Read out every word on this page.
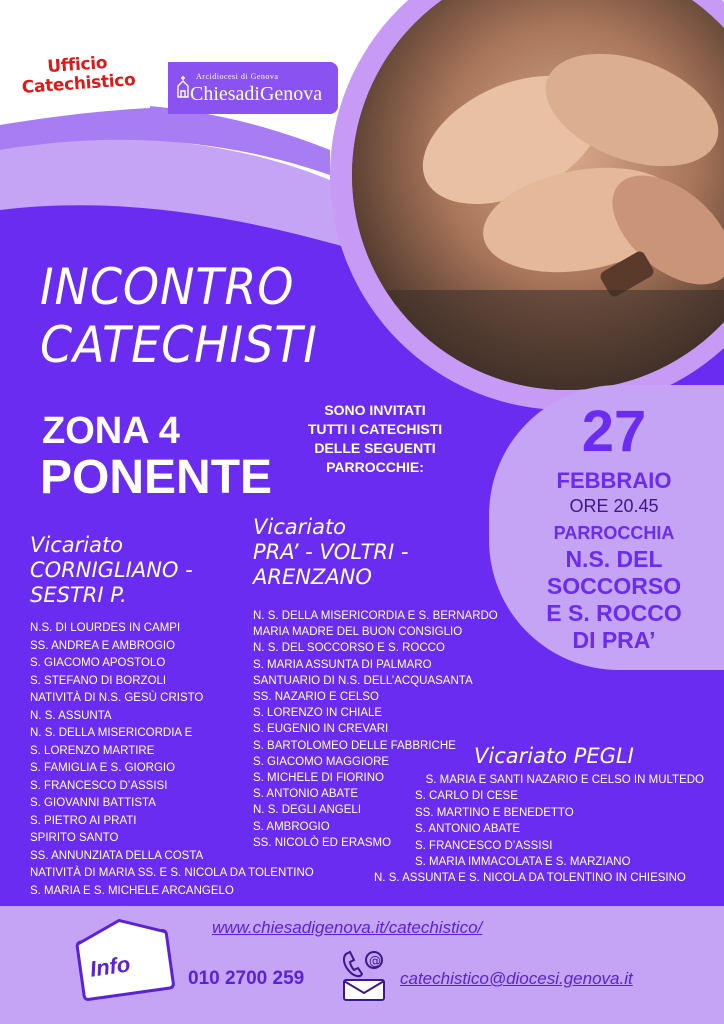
Ufficio
Catechistico	Arcidiocesi di Genova
ChiesadiGenova
INCONTRO
CATECHISTI
ZONA 4
PONENTE
SONO INVITATI
TUTTI I CATECHISTI
DELLE SEGUENTI
PARROCCHIE:
27
FEBBRAIO
ORE 20.45
PARROCCHIA
N.S. DEL
SOCCORSO
E S. ROCCO
DI PRA’
Vicariato
CORNIGLIANO -
SESTRI P.
N.S. DI LOURDES IN CAMPI
SS. ANDREA E AMBROGIO
S. GIACOMO APOSTOLO
S. STEFANO DI BORZOLI
NATIVITÀ DI N.S. GESÙ CRISTO
N. S. ASSUNTA
N. S. DELLA MISERICORDIA E
S. LORENZO MARTIRE
S. FAMIGLIA E S. GIORGIO
S. FRANCESCO D’ASSISI
S. GIOVANNI BATTISTA
S. PIETRO AI PRATI
SPIRITO SANTO
SS. ANNUNZIATA DELLA COSTA
NATIVITÀ DI MARIA SS. E S. NICOLA DA TOLENTINO
S. MARIA E S. MICHELE ARCANGELO
Vicariato
PRA’ - VOLTRI -
ARENZANO
N. S. DELLA MISERICORDIA E S. BERNARDO
MARIA MADRE DEL BUON CONSIGLIO
N. S. DEL SOCCORSO E S. ROCCO
S. MARIA ASSUNTA DI PALMARO
SANTUARIO DI N.S. DELL’ACQUASANTA
SS. NAZARIO E CELSO
S. LORENZO IN CHIALE
S. EUGENIO IN CREVARI
S. BARTOLOMEO DELLE FABBRICHE
S. GIACOMO MAGGIORE
S. MICHELE DI FIORINO
S. ANTONIO ABATE
N. S. DEGLI ANGELI
S. AMBROGIO
SS. NICOLÒ ED ERASMO
Vicariato PEGLI
S. MARIA E SANTI NAZARIO E CELSO IN MULTEDO
S. CARLO DI CESE
SS. MARTINO E BENEDETTO
S. ANTONIO ABATE
S. FRANCESCO D’ASSISI
S. MARIA IMMACOLATA E S. MARZIANO
N. S. ASSUNTA E S. NICOLA DA TOLENTINO IN CHIESINO
Info
www.chiesadigenova.it/catechistico/
010 2700 259
@
catechistico@diocesi.genova.it
